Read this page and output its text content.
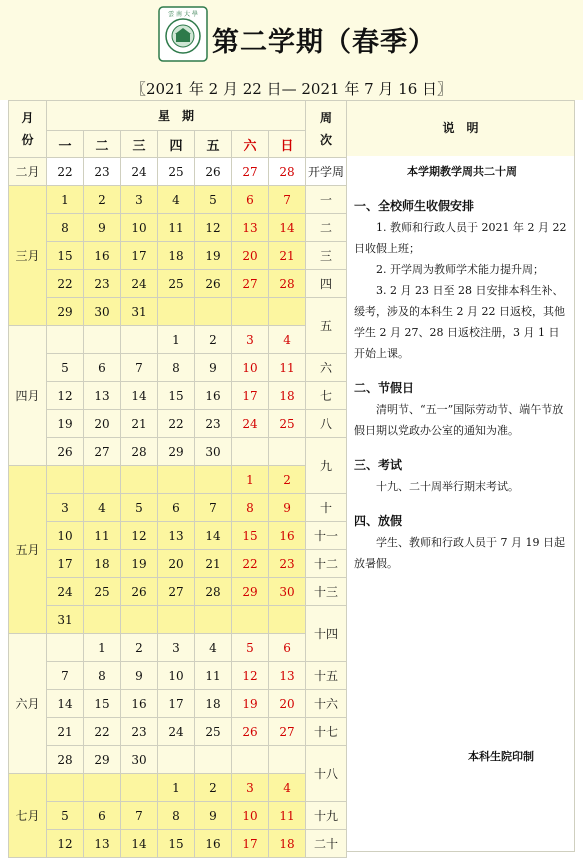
雲 南 大 學
第二学期（春季）
〖2021 年 2 月 22 日— 2021 年 7 月 16 日〗
月份	星　期							周次
	一	二	三	四	五	六	日	
二月	22	23	24	25	26	27	28	开学周
三月	1	2	3	4	5	6	7	一
	8	9	10	11	12	13	14	二
	15	16	17	18	19	20	21	三
	22	23	24	25	26	27	28	四
	29	30	31					五
四月				1	2	3	4	
	5	6	7	8	9	10	11	六
	12	13	14	15	16	17	18	七
	19	20	21	22	23	24	25	八
	26	27	28	29	30			九
五月						1	2	
	3	4	5	6	7	8	9	十
	10	11	12	13	14	15	16	十一
	17	18	19	20	21	22	23	十二
	24	25	26	27	28	29	30	十三
	31							十四
六月		1	2	3	4	5	6	
	7	8	9	10	11	12	13	十五
	14	15	16	17	18	19	20	十六
	21	22	23	24	25	26	27	十七
	28	29	30					十八
七月				1	2	3	4	
	5	6	7	8	9	10	11	十九
	12	13	14	15	16	17	18	二十
说　明
本学期教学周共二十周
一、全校师生收假安排
1. 教师和行政人员于 2021 年 2 月 22 日收假上班；
2. 开学周为教师学术能力提升周；
3. 2 月 23 日至 28 日安排本科生补、缓考，涉及的本科生 2 月 22 日返校，其他学生 2 月 27、28 日返校注册，3 月 1 日开始上课。
二、节假日
清明节、“五一”国际劳动节、端午节放假日期以党政办公室的通知为准。
三、考试
十九、二十周举行期末考试。
四、放假
学生、教师和行政人员于 7 月 19 日起放暑假。
本科生院印制
